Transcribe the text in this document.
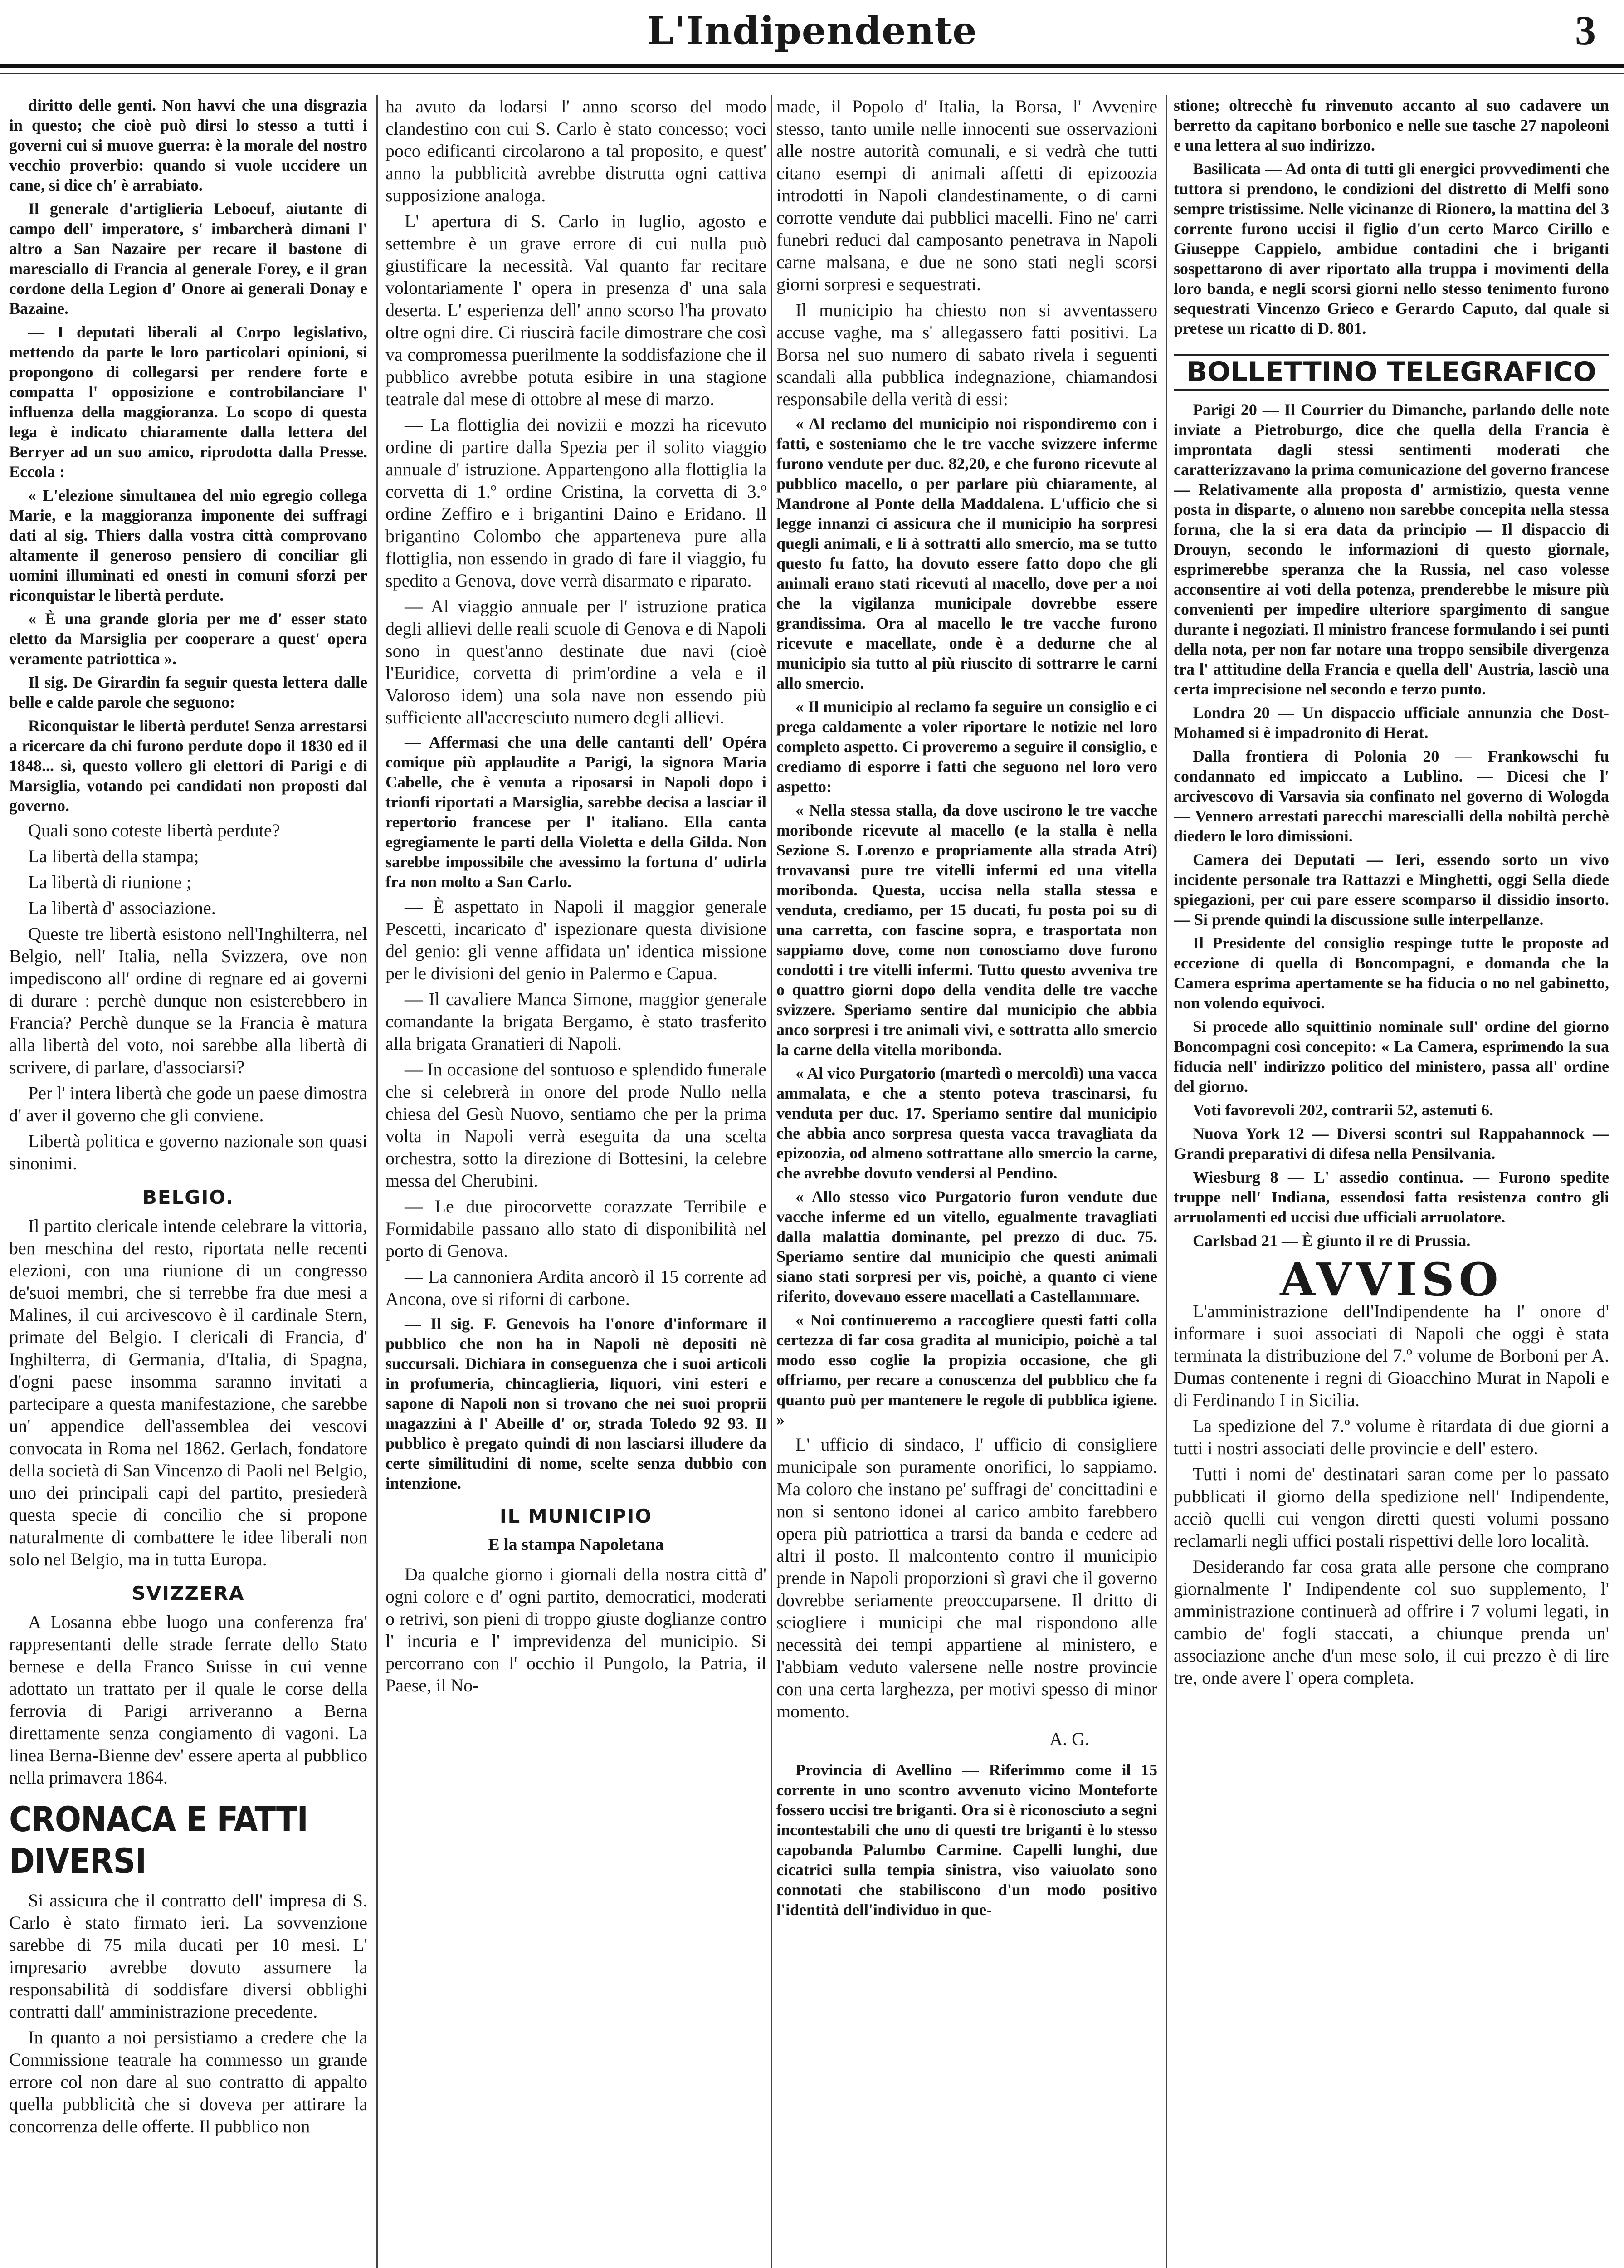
L'Indipendente	3

diritto delle genti. Non havvi che una disgrazia in questo; che cioè può dirsi lo stesso a tutti i governi cui si muove guerra: è la morale del nostro vecchio proverbio: quando si vuole uccidere un cane, si dice ch' è arrabiato.

Il generale d'artiglieria Leboeuf, aiutante di campo dell' imperatore, s' imbarcherà dimani l' altro a San Nazaire per recare il bastone di maresciallo di Francia al generale Forey, e il gran cordone della Legion d' Onore ai generali Donay e Bazaine.

— I deputati liberali al Corpo legislativo, mettendo da parte le loro particolari opinioni, si propongono di collegarsi per rendere forte e compatta l' opposizione e controbilanciare l' influenza della maggioranza. Lo scopo di questa lega è indicato chiaramente dalla lettera del Berryer ad un suo amico, riprodotta dalla Presse. Eccola :

« L'elezione simultanea del mio egregio collega Marie, e la maggioranza imponente dei suffragi dati al sig. Thiers dalla vostra città comprovano altamente il generoso pensiero di conciliar gli uomini illuminati ed onesti in comuni sforzi per riconquistar le libertà perdute.

« È una grande gloria per me d' esser stato eletto da Marsiglia per cooperare a quest' opera veramente patriottica ».

Il sig. De Girardin fa seguir questa lettera dalle belle e calde parole che seguono:

Riconquistar le libertà perdute! Senza arrestarsi a ricercare da chi furono perdute dopo il 1830 ed il 1848... sì, questo vollero gli elettori di Parigi e di Marsiglia, votando pei candidati non proposti dal governo.

Quali sono coteste libertà perdute?

La libertà della stampa;

La libertà di riunione ;

La libertà d' associazione.

Queste tre libertà esistono nell'Inghilterra, nel Belgio, nell' Italia, nella Svizzera, ove non impediscono all' ordine di regnare ed ai governi di durare : perchè dunque non esisterebbero in Francia? Perchè dunque se la Francia è matura alla libertà del voto, noi sarebbe alla libertà di scrivere, di parlare, d'associarsi?

Per l' intera libertà che gode un paese dimostra d' aver il governo che gli conviene.

Libertà politica e governo nazionale son quasi sinonimi.

BELGIO.

Il partito clericale intende celebrare la vittoria, ben meschina del resto, riportata nelle recenti elezioni, con una riunione di un congresso de'suoi membri, che si terrebbe fra due mesi a Malines, il cui arcivescovo è il cardinale Stern, primate del Belgio. I clericali di Francia, d' Inghilterra, di Germania, d'Italia, di Spagna, d'ogni paese insomma saranno invitati a partecipare a questa manifestazione, che sarebbe un' appendice dell'assemblea dei vescovi convocata in Roma nel 1862. Gerlach, fondatore della società di San Vincenzo di Paoli nel Belgio, uno dei principali capi del partito, presiederà questa specie di concilio che si propone naturalmente di combattere le idee liberali non solo nel Belgio, ma in tutta Europa.

SVIZZERA

A Losanna ebbe luogo una conferenza fra' rappresentanti delle strade ferrate dello Stato bernese e della Franco Suisse in cui venne adottato un trattato per il quale le corse della ferrovia di Parigi arriveranno a Berna direttamente senza congiamento di vagoni. La linea Berna-Bienne dev' essere aperta al pubblico nella primavera 1864.

CRONACA E FATTI DIVERSI

Si assicura che il contratto dell' impresa di S. Carlo è stato firmato ieri. La sovvenzione sarebbe di 75 mila ducati per 10 mesi. L' impresario avrebbe dovuto assumere la responsabilità di soddisfare diversi obblighi contratti dall' amministrazione precedente.

In quanto a noi persistiamo a credere che la Commissione teatrale ha commesso un grande errore col non dare al suo contratto di appalto quella pubblicità che si doveva per attirare la concorrenza delle offerte. Il pubblico non

ha avuto da lodarsi l' anno scorso del modo clandestino con cui S. Carlo è stato concesso; voci poco edificanti circolarono a tal proposito, e quest' anno la pubblicità avrebbe distrutta ogni cattiva supposizione analoga.

L' apertura di S. Carlo in luglio, agosto e settembre è un grave errore di cui nulla può giustificare la necessità. Val quanto far recitare volontariamente l' opera in presenza d' una sala deserta. L' esperienza dell' anno scorso l'ha provato oltre ogni dire. Ci riuscirà facile dimostrare che così va compromessa puerilmente la soddisfazione che il pubblico avrebbe potuta esibire in una stagione teatrale dal mese di ottobre al mese di marzo.

— La flottiglia dei novizii e mozzi ha ricevuto ordine di partire dalla Spezia per il solito viaggio annuale d' istruzione. Appartengono alla flottiglia la corvetta di 1.º ordine Cristina, la corvetta di 3.º ordine Zeffiro e i brigantini Daino e Eridano. Il brigantino Colombo che apparteneva pure alla flottiglia, non essendo in grado di fare il viaggio, fu spedito a Genova, dove verrà disarmato e riparato.

— Al viaggio annuale per l' istruzione pratica degli allievi delle reali scuole di Genova e di Napoli sono in quest'anno destinate due navi (cioè l'Euridice, corvetta di prim'ordine a vela e il Valoroso idem) una sola nave non essendo più sufficiente all'accresciuto numero degli allievi.

— Affermasi che una delle cantanti dell' Opéra comique più applaudite a Parigi, la signora Maria Cabelle, che è venuta a riposarsi in Napoli dopo i trionfi riportati a Marsiglia, sarebbe decisa a lasciar il repertorio francese per l' italiano. Ella canta egregiamente le parti della Violetta e della Gilda. Non sarebbe impossibile che avessimo la fortuna d' udirla fra non molto a San Carlo.

— È aspettato in Napoli il maggior generale Pescetti, incaricato d' ispezionare questa divisione del genio: gli venne affidata un' identica missione per le divisioni del genio in Palermo e Capua.

— Il cavaliere Manca Simone, maggior generale comandante la brigata Bergamo, è stato trasferito alla brigata Granatieri di Napoli.

— In occasione del sontuoso e splendido funerale che si celebrerà in onore del prode Nullo nella chiesa del Gesù Nuovo, sentiamo che per la prima volta in Napoli verrà eseguita da una scelta orchestra, sotto la direzione di Bottesini, la celebre messa del Cherubini.

— Le due pirocorvette corazzate Terribile e Formidabile passano allo stato di disponibilità nel porto di Genova.

— La cannoniera Ardita ancorò il 15 corrente ad Ancona, ove si riforni di carbone.

— Il sig. F. Genevois ha l'onore d'informare il pubblico che non ha in Napoli nè depositi nè succursali. Dichiara in conseguenza che i suoi articoli in profumeria, chincaglieria, liquori, vini esteri e sapone di Napoli non si trovano che nei suoi proprii magazzini à l' Abeille d' or, strada Toledo 92 93. Il pubblico è pregato quindi di non lasciarsi illudere da certe similitudini di nome, scelte senza dubbio con intenzione.

IL MUNICIPIO
E la stampa Napoletana

Da qualche giorno i giornali della nostra città d' ogni colore e d' ogni partito, democratici, moderati o retrivi, son pieni di troppo giuste doglianze contro l' incuria e l' imprevidenza del municipio. Si percorrano con l' occhio il Pungolo, la Patria, il Paese, il No-

made, il Popolo d' Italia, la Borsa, l' Avvenire stesso, tanto umile nelle innocenti sue osservazioni alle nostre autorità comunali, e si vedrà che tutti citano esempi di animali affetti di epizoozia introdotti in Napoli clandestinamente, o di carni corrotte vendute dai pubblici macelli. Fino ne' carri funebri reduci dal camposanto penetrava in Napoli carne malsana, e due ne sono stati negli scorsi giorni sorpresi e sequestrati.

Il municipio ha chiesto non si avventassero accuse vaghe, ma s' allegassero fatti positivi. La Borsa nel suo numero di sabato rivela i seguenti scandali alla pubblica indegnazione, chiamandosi responsabile della verità di essi:

« Al reclamo del municipio noi rispondiremo con i fatti, e sosteniamo che le tre vacche svizzere inferme furono vendute per duc. 82,20, e che furono ricevute al pubblico macello, o per parlare più chiaramente, al Mandrone al Ponte della Maddalena. L'ufficio che si legge innanzi ci assicura che il municipio ha sorpresi quegli animali, e li à sottratti allo smercio, ma se tutto questo fu fatto, ha dovuto essere fatto dopo che gli animali erano stati ricevuti al macello, dove per a noi che la vigilanza municipale dovrebbe essere grandissima. Ora al macello le tre vacche furono ricevute e macellate, onde è a dedurne che al municipio sia tutto al più riuscito di sottrarre le carni allo smercio.

« Il municipio al reclamo fa seguire un consiglio e ci prega caldamente a voler riportare le notizie nel loro completo aspetto. Ci proveremo a seguire il consiglio, e crediamo di esporre i fatti che seguono nel loro vero aspetto:

« Nella stessa stalla, da dove uscirono le tre vacche moribonde ricevute al macello (e la stalla è nella Sezione S. Lorenzo e propriamente alla strada Atri) trovavansi pure tre vitelli infermi ed una vitella moribonda. Questa, uccisa nella stalla stessa e venduta, crediamo, per 15 ducati, fu posta poi su di una carretta, con fascine sopra, e trasportata non sappiamo dove, come non conosciamo dove furono condotti i tre vitelli infermi. Tutto questo avveniva tre o quattro giorni dopo della vendita delle tre vacche svizzere. Speriamo sentire dal municipio che abbia anco sorpresi i tre animali vivi, e sottratta allo smercio la carne della vitella moribonda.

« Al vico Purgatorio (martedì o mercoldì) una vacca ammalata, e che a stento poteva trascinarsi, fu venduta per duc. 17. Speriamo sentire dal municipio che abbia anco sorpresa questa vacca travagliata da epizoozia, od almeno sottrattane allo smercio la carne, che avrebbe dovuto vendersi al Pendino.

« Allo stesso vico Purgatorio furon vendute due vacche inferme ed un vitello, egualmente travagliati dalla malattia dominante, pel prezzo di duc. 75. Speriamo sentire dal municipio che questi animali siano stati sorpresi per vis, poichè, a quanto ci viene riferito, dovevano essere macellati a Castellammare.

« Noi continueremo a raccogliere questi fatti colla certezza di far cosa gradita al municipio, poichè a tal modo esso coglie la propizia occasione, che gli offriamo, per recare a conoscenza del pubblico che fa quanto può per mantenere le regole di pubblica igiene. »

L' ufficio di sindaco, l' ufficio di consigliere municipale son puramente onorifici, lo sappiamo. Ma coloro che instano pe' suffragi de' concittadini e non si sentono idonei al carico ambito farebbero opera più patriottica a trarsi da banda e cedere ad altri il posto. Il malcontento contro il municipio prende in Napoli proporzioni sì gravi che il governo dovrebbe seriamente preoccuparsene. Il dritto di sciogliere i municipi che mal rispondono alle necessità dei tempi appartiene al ministero, e l'abbiam veduto valersene nelle nostre provincie con una certa larghezza, per motivi spesso di minor momento.

A. G.

Provincia di Avellino — Riferimmo come il 15 corrente in uno scontro avvenuto vicino Monteforte fossero uccisi tre briganti. Ora si è riconosciuto a segni incontestabili che uno di questi tre briganti è lo stesso capobanda Palumbo Carmine. Capelli lunghi, due cicatrici sulla tempia sinistra, viso vaiuolato sono connotati che stabiliscono d'un modo positivo l'identità dell'individuo in que-

stione; oltrecchè fu rinvenuto accanto al suo cadavere un berretto da capitano borbonico e nelle sue tasche 27 napoleoni e una lettera al suo indirizzo.

Basilicata — Ad onta di tutti gli energici provvedimenti che tuttora si prendono, le condizioni del distretto di Melfi sono sempre tristissime. Nelle vicinanze di Rionero, la mattina del 3 corrente furono uccisi il figlio d'un certo Marco Cirillo e Giuseppe Cappielo, ambidue contadini che i briganti sospettarono di aver riportato alla truppa i movimenti della loro banda, e negli scorsi giorni nello stesso tenimento furono sequestrati Vincenzo Grieco e Gerardo Caputo, dal quale si pretese un ricatto di D. 801.

BOLLETTINO TELEGRAFICO

Parigi 20 — Il Courrier du Dimanche, parlando delle note inviate a Pietroburgo, dice che quella della Francia è improntata dagli stessi sentimenti moderati che caratterizzavano la prima comunicazione del governo francese — Relativamente alla proposta d' armistizio, questa venne posta in disparte, o almeno non sarebbe concepita nella stessa forma, che la si era data da principio — Il dispaccio di Drouyn, secondo le informazioni di questo giornale, esprimerebbe speranza che la Russia, nel caso volesse acconsentire ai voti della potenza, prenderebbe le misure più convenienti per impedire ulteriore spargimento di sangue durante i negoziati. Il ministro francese formulando i sei punti della nota, per non far notare una troppo sensibile divergenza tra l' attitudine della Francia e quella dell' Austria, lasciò una certa imprecisione nel secondo e terzo punto.

Londra 20 — Un dispaccio ufficiale annunzia che Dost-Mohamed si è impadronito di Herat.

Dalla frontiera di Polonia 20 — Frankowschi fu condannato ed impiccato a Lublino. — Dicesi che l' arcivescovo di Varsavia sia confinato nel governo di Wologda — Vennero arrestati parecchi marescialli della nobiltà perchè diedero le loro dimissioni.

Camera dei Deputati — Ieri, essendo sorto un vivo incidente personale tra Rattazzi e Minghetti, oggi Sella diede spiegazioni, per cui pare essere scomparso il dissidio insorto. — Si prende quindi la discussione sulle interpellanze.

Il Presidente del consiglio respinge tutte le proposte ad eccezione di quella di Boncompagni, e domanda che la Camera esprima apertamente se ha fiducia o no nel gabinetto, non volendo equivoci.

Si procede allo squittinio nominale sull' ordine del giorno Boncompagni così concepito: « La Camera, esprimendo la sua fiducia nell' indirizzo politico del ministero, passa all' ordine del giorno.

Voti favorevoli 202, contrarii 52, astenuti 6.

Nuova York 12 — Diversi scontri sul Rappahannock — Grandi preparativi di difesa nella Pensilvania.

Wiesburg 8 — L' assedio continua. — Furono spedite truppe nell' Indiana, essendosi fatta resistenza contro gli arruolamenti ed uccisi due ufficiali arruolatore.

Carlsbad 21 — È giunto il re di Prussia.

AVVISO

L'amministrazione dell'Indipendente ha l' onore d' informare i suoi associati di Napoli che oggi è stata terminata la distribuzione del 7.º volume de Borboni per A. Dumas contenente i regni di Gioacchino Murat in Napoli e di Ferdinando I in Sicilia.

La spedizione del 7.º volume è ritardata di due giorni a tutti i nostri associati delle provincie e dell' estero.

Tutti i nomi de' destinatari saran come per lo passato pubblicati il giorno della spedizione nell' Indipendente, acciò quelli cui vengon diretti questi volumi possano reclamarli negli uffici postali rispettivi delle loro località.

Desiderando far cosa grata alle persone che comprano giornalmente l' Indipendente col suo supplemento, l' amministrazione continuerà ad offrire i 7 volumi legati, in cambio de' fogli staccati, a chiunque prenda un' associazione anche d'un mese solo, il cui prezzo è di lire tre, onde avere l' opera completa.
